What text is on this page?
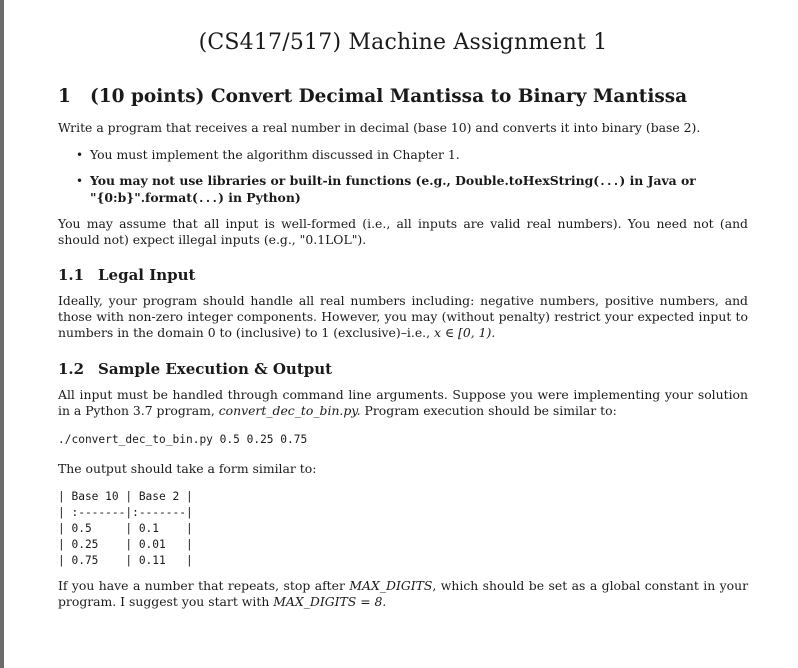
(CS417/517) Machine Assignment 1
1 (10 points) Convert Decimal Mantissa to Binary Mantissa
Write a program that receives a real number in decimal (base 10) and converts it into binary (base 2).
• You must implement the algorithm discussed in Chapter 1.
• You may not use libraries or built-in functions (e.g., Double.toHexString(...) in Java or
"{0:b}".format(...) in Python)
You may assume that all input is well-formed (i.e., all inputs are valid real numbers). You need not (and should not) expect illegal inputs (e.g., "0.1LOL").
1.1 Legal Input
Ideally, your program should handle all real numbers including: negative numbers, positive numbers, and those with non-zero integer components. However, you may (without penalty) restrict your expected input to numbers in the domain 0 to (inclusive) to 1 (exclusive)–i.e., x ∈ [0, 1).
1.2 Sample Execution & Output
All input must be handled through command line arguments. Suppose you were implementing your solution in a Python 3.7 program, convert_dec_to_bin.py. Program execution should be similar to:
./convert_dec_to_bin.py 0.5 0.25 0.75
The output should take a form similar to:
| Base 10 | Base 2 |
| :-------|:-------|
| 0.5     | 0.1    |
| 0.25    | 0.01   |
| 0.75    | 0.11   |
If you have a number that repeats, stop after MAX_DIGITS, which should be set as a global constant in your program. I suggest you start with MAX_DIGITS = 8.
